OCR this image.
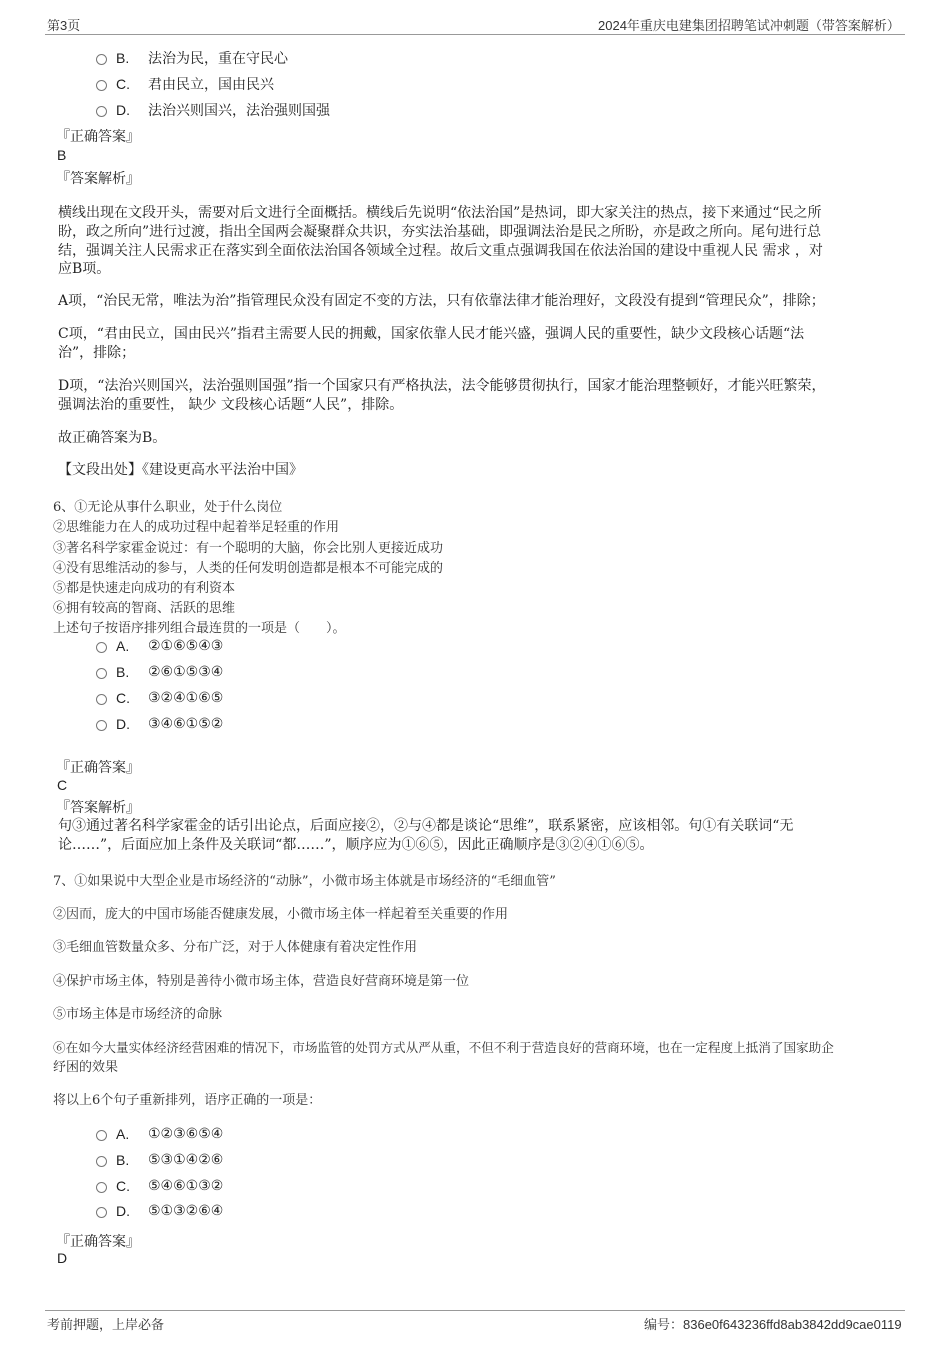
第3页	2024年重庆电建集团招聘笔试冲刺题（带答案解析）
B.	法治为民，重在守民心
C.	君由民立，国由民兴
D.	法治兴则国兴，法治强则国强
『正确答案』
B
『答案解析』
横线出现在文段开头，需要对后文进行全面概括。横线后先说明“依法治国”是热词，即大家关注的热点，接下来通过“民之所
盼，政之所向”进行过渡，指出全国两会凝聚群众共识，夯实法治基础，即强调法治是民之所盼，亦是政之所向。尾句进行总
结，强调关注人民需求正在落实到全面依法治国各领域全过程。故后文重点强调我国在依法治国的建设中重视人民 需求 ，对
应B项。
A项，“治民无常，唯法为治”指管理民众没有固定不变的方法，只有依靠法律才能治理好，文段没有提到“管理民众”，排除；
C项，“君由民立，国由民兴”指君主需要人民的拥戴，国家依靠人民才能兴盛，强调人民的重要性，缺少文段核心话题“法
治”，排除；
D项，“法治兴则国兴，法治强则国强”指一个国家只有严格执法，法令能够贯彻执行，国家才能治理整顿好，才能兴旺繁荣，
强调法治的重要性， 缺少 文段核心话题“人民”，排除。
故正确答案为B。
【文段出处】《建设更高水平法治中国》
6、①无论从事什么职业，处于什么岗位
②思维能力在人的成功过程中起着举足轻重的作用
③著名科学家霍金说过：有一个聪明的大脑，你会比别人更接近成功
④没有思维活动的参与，人类的任何发明创造都是根本不可能完成的
⑤都是快速走向成功的有利资本
⑥拥有较高的智商、活跃的思维
上述句子按语序排列组合最连贯的一项是（　　）。
A.	②①⑥⑤④③
B.	②⑥①⑤③④
C.	③②④①⑥⑤
D.	③④⑥①⑤②
『正确答案』
C
『答案解析』
句③通过著名科学家霍金的话引出论点，后面应接②，②与④都是谈论“思维”，联系紧密，应该相邻。句①有关联词“无
论……”，后面应加上条件及关联词“都……”，顺序应为①⑥⑤，因此正确顺序是③②④①⑥⑤。
7、①如果说中大型企业是市场经济的“动脉”，小微市场主体就是市场经济的“毛细血管”
②因而，庞大的中国市场能否健康发展，小微市场主体一样起着至关重要的作用
③毛细血管数量众多、分布广泛，对于人体健康有着决定性作用
④保护市场主体，特别是善待小微市场主体，营造良好营商环境是第一位
⑤市场主体是市场经济的命脉
⑥在如今大量实体经济经营困难的情况下，市场监管的处罚方式从严从重，不但不利于营造良好的营商环境，也在一定程度上抵消了国家助企
纾困的效果
将以上6个句子重新排列，语序正确的一项是：
A.	①②③⑥⑤④
B.	⑤③①④②⑥
C.	⑤④⑥①③②
D.	⑤①③②⑥④
『正确答案』
D
考前押题，上岸必备	编号：836e0f643236ffd8ab3842dd9cae0119
